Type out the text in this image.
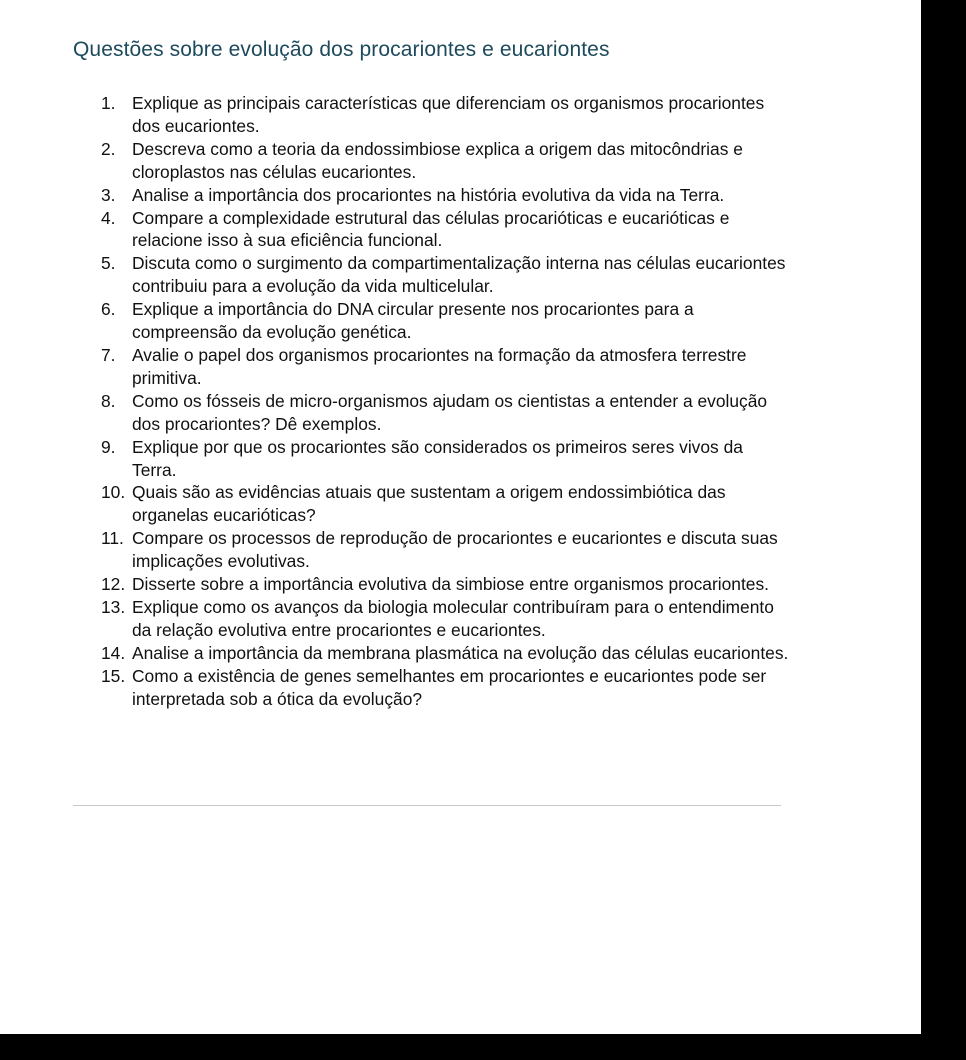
Questões sobre evolução dos procariontes e eucariontes
1. Explique as principais características que diferenciam os organismos procariontes dos eucariontes.
2. Descreva como a teoria da endossimbiose explica a origem das mitocôndrias e cloroplastos nas células eucariontes.
3. Analise a importância dos procariontes na história evolutiva da vida na Terra.
4. Compare a complexidade estrutural das células procarióticas e eucarióticas e relacione isso à sua eficiência funcional.
5. Discuta como o surgimento da compartimentalização interna nas células eucariontes contribuiu para a evolução da vida multicelular.
6. Explique a importância do DNA circular presente nos procariontes para a compreensão da evolução genética.
7. Avalie o papel dos organismos procariontes na formação da atmosfera terrestre primitiva.
8. Como os fósseis de micro-organismos ajudam os cientistas a entender a evolução dos procariontes? Dê exemplos.
9. Explique por que os procariontes são considerados os primeiros seres vivos da Terra.
10. Quais são as evidências atuais que sustentam a origem endossimbiótica das organelas eucarióticas?
11. Compare os processos de reprodução de procariontes e eucariontes e discuta suas implicações evolutivas.
12. Disserte sobre a importância evolutiva da simbiose entre organismos procariontes.
13. Explique como os avanços da biologia molecular contribuíram para o entendimento da relação evolutiva entre procariontes e eucariontes.
14. Analise a importância da membrana plasmática na evolução das células eucariontes.
15. Como a existência de genes semelhantes em procariontes e eucariontes pode ser interpretada sob a ótica da evolução?
